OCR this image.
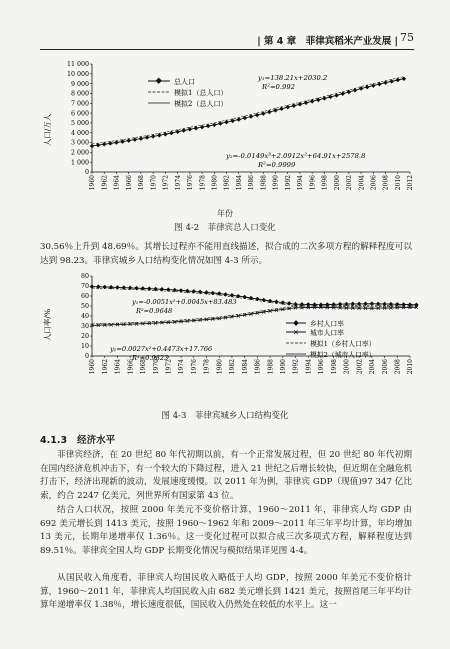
| 第 4 章　菲律宾稻米产业发展 | 75
0
1 000
2 000
3 000
4 000
5 000
6 000
7 000
8 000
9 000
10 000
11 000
1960 1962 1964 1966 1968 1970 1972 1974 1976 1978 1980 1982 1984 1986 1988 1990 1992 1994 1996 1998 2000 2002 2004 2006 2008 2010 2012
总人口
模拟1（总人口）
模拟2（总人口）
y₁=138.21x+2030.2
R²=0.992
y₂=-0.0149x³+2.0912x²+64.91x+2578.8
R²=0.9999
人口/万人
年份
图 4-2　菲律宾总人口变化

30.56％上升到 48.69％。其增长过程亦不能用直线描述，拟合成的二次多项方程的解释程度可以达到 98.23。菲律宾城乡人口结构变化情况如图 4-3 所示。

0
10
20
30
40
50
60
70
80
1960 1962 1964 1966 1968 1970 1972 1974 1976 1978 1980 1982 1984 1986 1988 1990 1992 1994 1996 1998 2000 2002 2004 2006 2008 2010
乡村人口率
× 城市人口率
模拟1（乡村人口率）
模拟2（城市人口率）
y₁=-0.0051x²+0.0045x+83.483
R²=0.9648
y₂=0.0027x²+0.4473x+17.766
R²=0.9823
人口率/%
图 4-3　菲律宾城乡人口结构变化
4.1.3 经济水平

菲律宾经济，在 20 世纪 80 年代初期以前，有一个正常发展过程，但 20 世纪 80 年代初期在国内经济危机冲击下，有一个较大的下降过程，进入 21 世纪之后增长较快，但近期在全融危机打击下，经济出现新的波动，发展速度缓慢。以 2011 年为例，菲律宾 GDP（现值)97 347 亿比索，约合 2247 亿美元，列世界所有国家第 43 位。

结合人口状况，按照 2000 年美元不变价格计算，1960～2011 年，菲律宾人均 GDP 由 692 美元增长到 1413 美元，按照 1960～1962 年和 2009～2011 年三年平均计算，年均增加 13 美元，长期年递增率仅 1.36％。这一变化过程可以拟合成三次多项式方程，解释程度达到 89.51％。菲律宾全国人均 GDP 长期变化情况与模拟结果详见图 4-4。

从国民收入角度看，菲律宾人均国民收入略低于人均 GDP，按照 2000 年美元不变价格计算，1960～2011 年，菲律宾人均国民收入由 682 美元增长到 1421 美元，按照首尾三年平均计算年递增率仅 1.38％，增长速度很低，国民收入仍然处在较低的水平上。这一
